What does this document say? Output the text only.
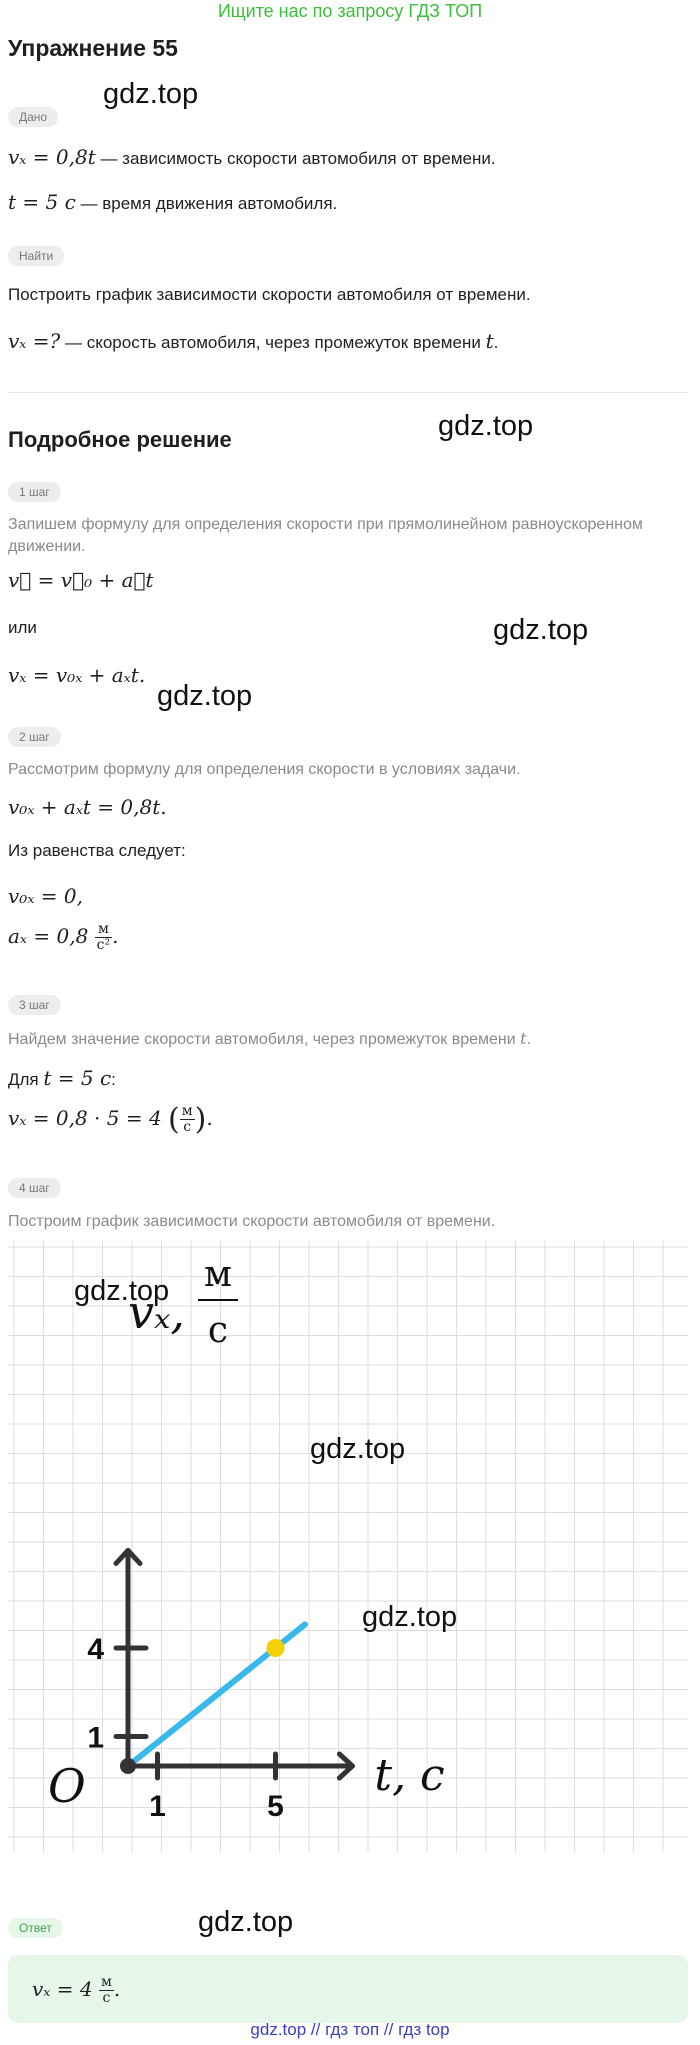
Ищите нас по запросу ГДЗ ТОП
Упражнение 55
gdz.top
Дано
vₓ = 0,8t — зависимость скорости автомобиля от времени.
t = 5 с — время движения автомобиля.
Найти
Построить график зависимости скорости автомобиля от времени.
vₓ =? — скорость автомобиля, через промежуток времени t.
Подробное решение	gdz.top
1 шаг
Запишем формулу для определения скорости при прямолинейном равноускоренном движении.
v⃗ = v⃗₀ + a⃗t
или	gdz.top
vₓ = v₀ₓ + aₓt.
gdz.top
2 шаг
Рассмотрим формулу для определения скорости в условиях задачи.
v₀ₓ + aₓt = 0,8t.
Из равенства следует:
v₀ₓ = 0,
$a_x = 0,8 \frac{м}{\text{с²}}$ .
3 шаг
Найдем значение скорости автомобиля, через промежуток времени t.
Для t = 5 с:
vₓ = 0,8 · 5 = 4 ( $\frac{м}{с}$ ).
4 шаг
Построим график зависимости скорости автомобиля от времени.
1	5
1
4
O	t, с
vₓ,
м
с
gdz.top
gdz.top
gdz.top
Ответ	gdz.top
$v_x = 4 \frac{м}{с}$ .
gdz.top // гдз топ // гдз top
